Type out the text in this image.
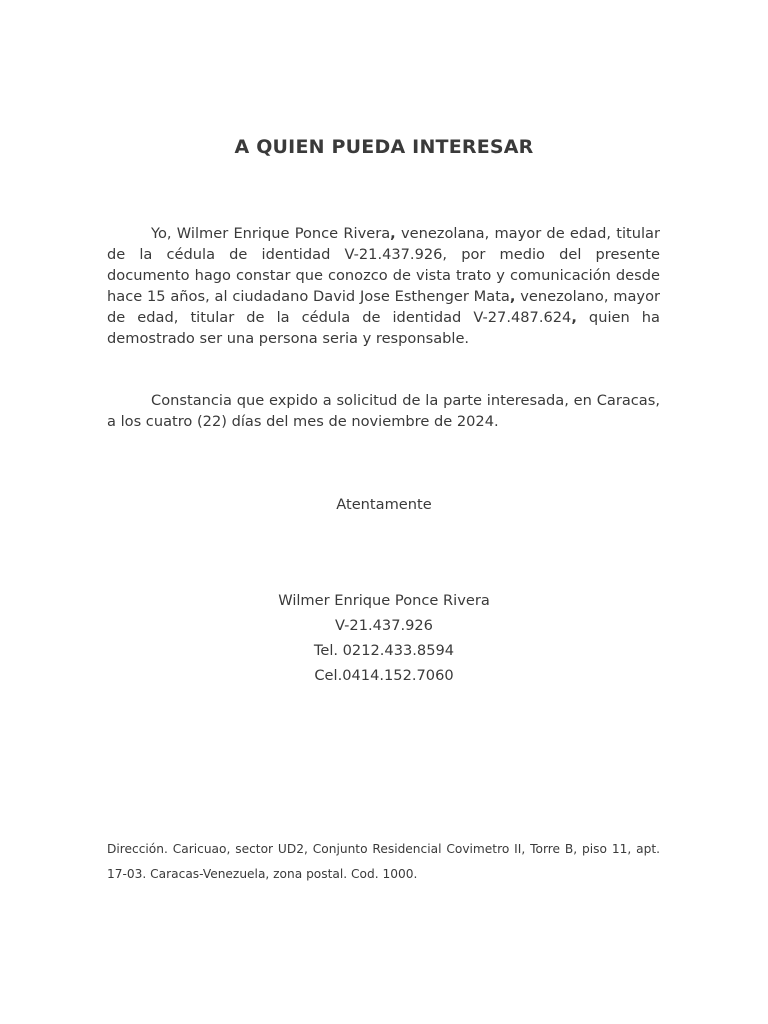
A QUIEN PUEDA INTERESAR

Yo, Wilmer Enrique Ponce Rivera, venezolana, mayor de edad, titular de la cédula de identidad V-21.437.926, por medio del presente documento hago constar que conozco de vista trato y comunicación desde hace 15 años, al ciudadano David Jose Esthenger Mata, venezolano, mayor de edad, titular de la cédula de identidad V-27.487.624, quien ha demostrado ser una persona seria y responsable.

Constancia que expido a solicitud de la parte interesada, en Caracas, a los cuatro (22) días del mes de noviembre de 2024.

Atentamente
Wilmer Enrique Ponce Rivera
V-21.437.926
Tel. 0212.433.8594
Cel.0414.152.7060

Dirección. Caricuao, sector UD2, Conjunto Residencial Covimetro II, Torre B, piso 11, apt. 17-03. Caracas-Venezuela, zona postal. Cod. 1000.
